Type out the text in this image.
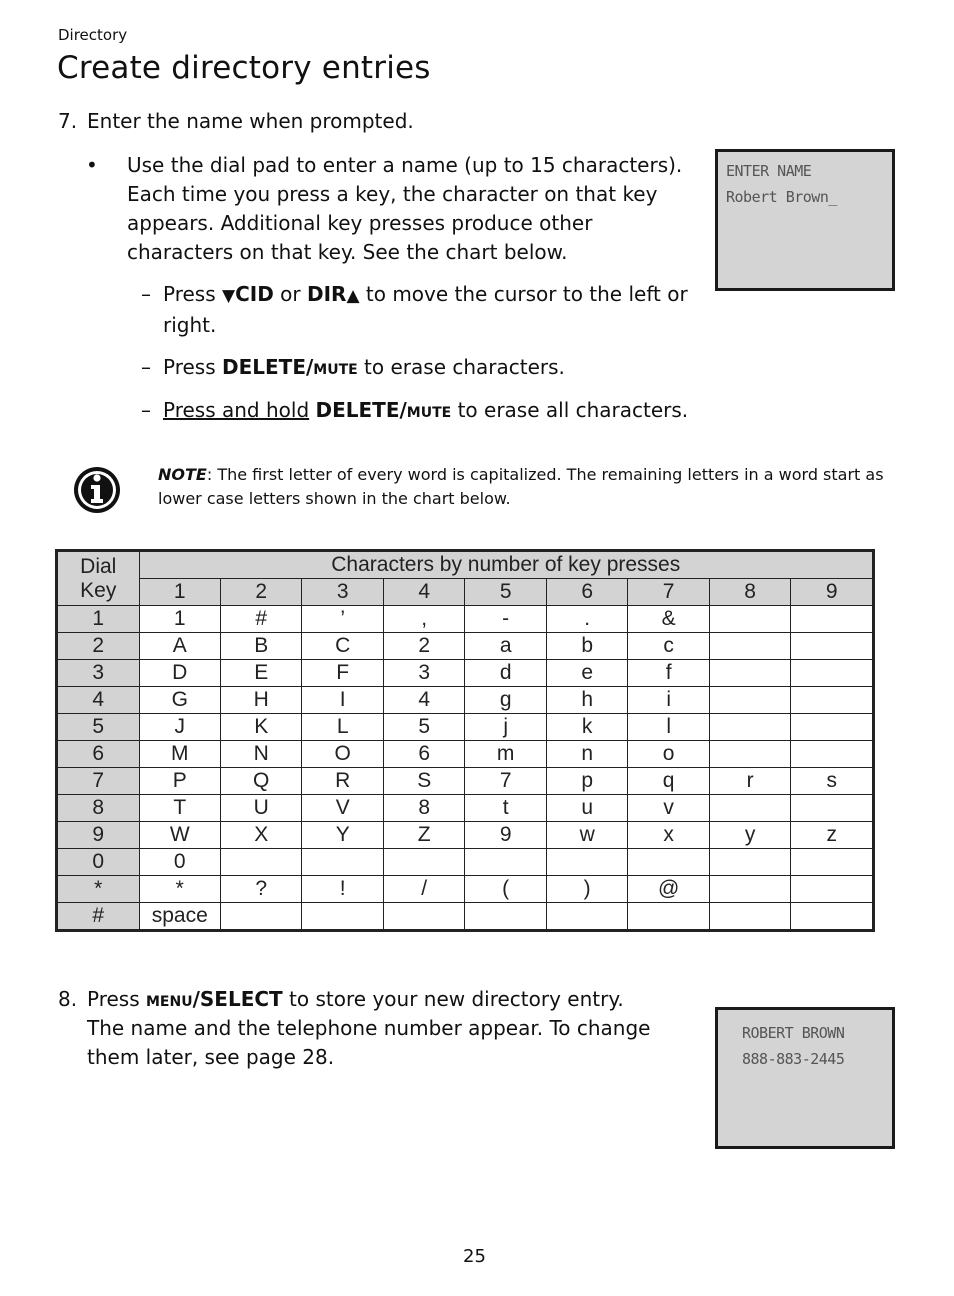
Directory
Create directory entries
7. Enter the name when prompted.
• Use the dial pad to enter a name (up to 15 characters). Each time you press a key, the character on that key appears. Additional key presses produce other characters on that key. See the chart below.
– Press ▼CID or DIR▲ to move the cursor to the left or right.
– Press DELETE/mute to erase characters.
– Press and hold DELETE/mute to erase all characters.
ENTER NAME
Robert Brown_
NOTE: The first letter of every word is capitalized. The remaining letters in a word start as lower case letters shown in the chart below.
Dial
Key	Characters by number of key presses								
	1	2	3	4	5	6	7	8	9
1	1	#	’	,	-	.	&		
2	A	B	C	2	a	b	c		
3	D	E	F	3	d	e	f		
4	G	H	I	4	g	h	i		
5	J	K	L	5	j	k	l		
6	M	N	O	6	m	n	o		
7	P	Q	R	S	7	p	q	r	s
8	T	U	V	8	t	u	v		
9	W	X	Y	Z	9	w	x	y	z
0	0								
*	*	?	!	/	(	)	@		
#	space								
8. Press menu/SELECT to store your new directory entry.
The name and the telephone number appear. To change them later, see page 28.
ROBERT BROWN
888-883-2445
25
